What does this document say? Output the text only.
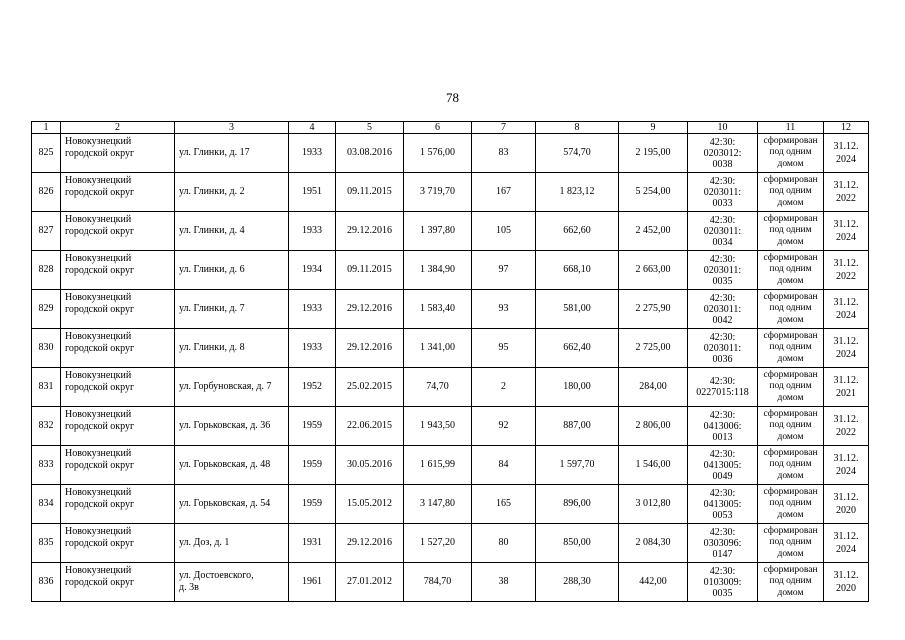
78
1	2	3	4	5	6	7	8	9	10	11	12
825	Новокузнецкий городской округ	ул. Глинки, д. 17	1933	03.08.2016	1 576,00	83	574,70	2 195,00	42:30:
0203012:
0038	сформирован под одним домом	31.12.
2024
826	Новокузнецкий городской округ	ул. Глинки, д. 2	1951	09.11.2015	3 719,70	167	1 823,12	5 254,00	42:30:
0203011:
0033	сформирован под одним домом	31.12.
2022
827	Новокузнецкий городской округ	ул. Глинки, д. 4	1933	29.12.2016	1 397,80	105	662,60	2 452,00	42:30:
0203011:
0034	сформирован под одним домом	31.12.
2024
828	Новокузнецкий городской округ	ул. Глинки, д. 6	1934	09.11.2015	1 384,90	97	668,10	2 663,00	42:30:
0203011:
0035	сформирован под одним домом	31.12.
2022
829	Новокузнецкий городской округ	ул. Глинки, д. 7	1933	29.12.2016	1 583,40	93	581,00	2 275,90	42:30:
0203011:
0042	сформирован под одним домом	31.12.
2024
830	Новокузнецкий городской округ	ул. Глинки, д. 8	1933	29.12.2016	1 341,00	95	662,40	2 725,00	42:30:
0203011:
0036	сформирован под одним домом	31.12.
2024
831	Новокузнецкий городской округ	ул. Горбуновская, д. 7	1952	25.02.2015	74,70	2	180,00	284,00	42:30:
0227015:118	сформирован под одним домом	31.12.
2021
832	Новокузнецкий городской округ	ул. Горьковская, д. 36	1959	22.06.2015	1 943,50	92	887,00	2 806,00	42:30:
0413006:
0013	сформирован под одним домом	31.12.
2022
833	Новокузнецкий городской округ	ул. Горьковская, д. 48	1959	30.05.2016	1 615,99	84	1 597,70	1 546,00	42:30:
0413005:
0049	сформирован под одним домом	31.12.
2024
834	Новокузнецкий городской округ	ул. Горьковская, д. 54	1959	15.05.2012	3 147,80	165	896,00	3 012,80	42:30:
0413005:
0053	сформирован под одним домом	31.12.
2020
835	Новокузнецкий городской округ	ул. Доз, д. 1	1931	29.12.2016	1 527,20	80	850,00	2 084,30	42:30:
0303096:
0147	сформирован под одним домом	31.12.
2024
836	Новокузнецкий городской округ	ул. Достоевского,
д. 3в	1961	27.01.2012	784,70	38	288,30	442,00	42:30:
0103009:
0035	сформирован под одним домом	31.12.
2020
